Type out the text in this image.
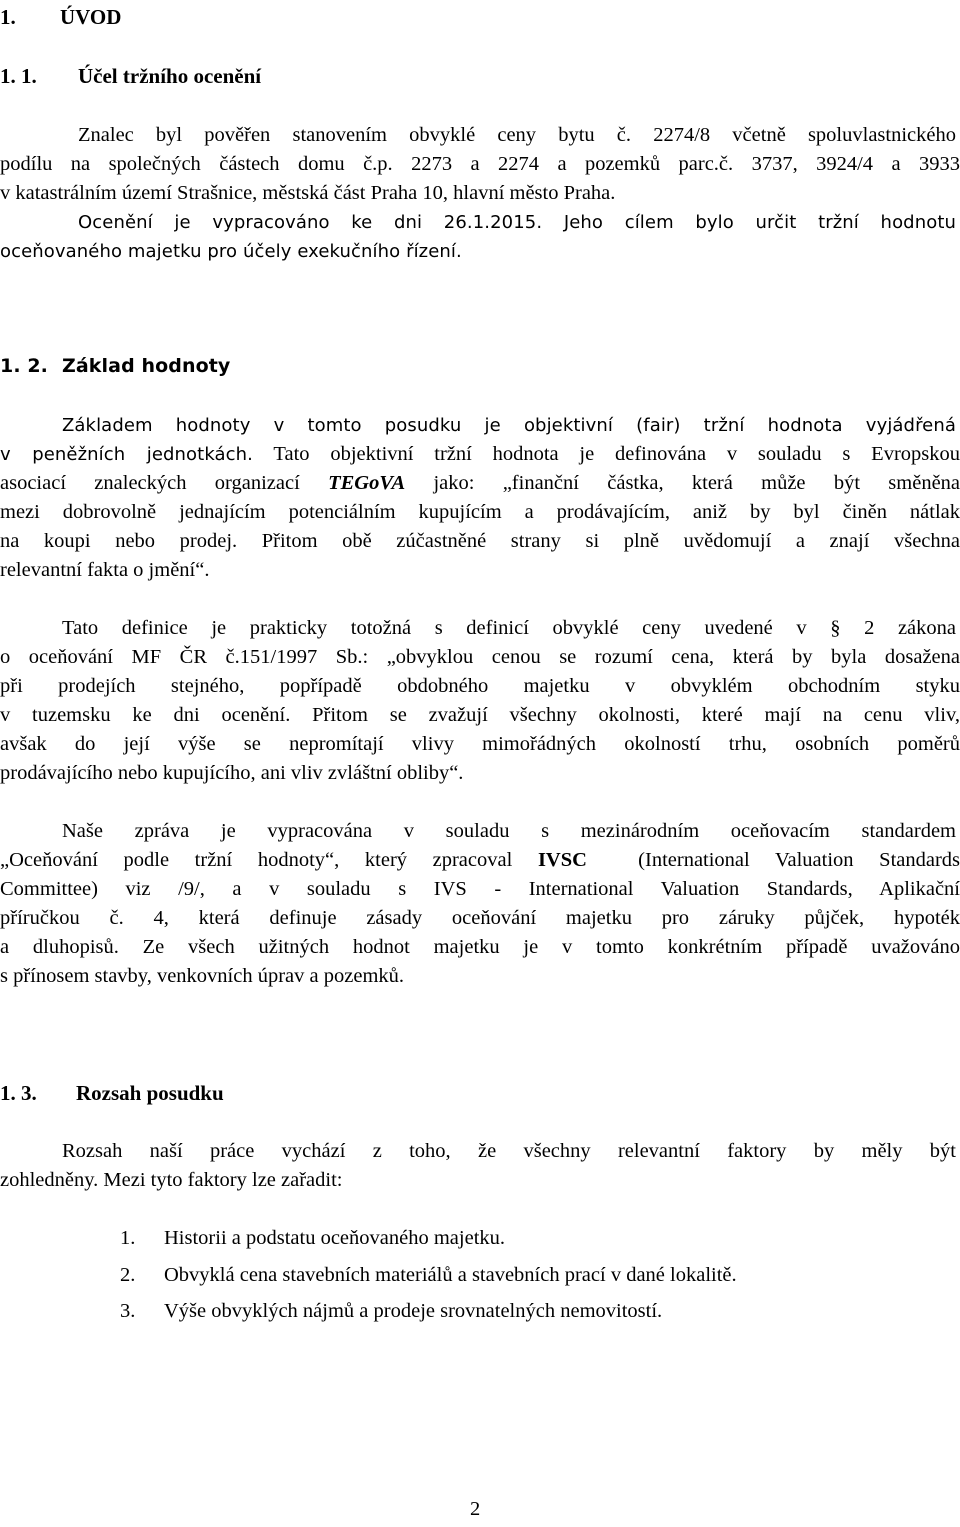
1. ÚVOD
1. 1. Účel tržního ocenění
Znalec byl pověřen stanovením obvyklé ceny bytu č. 2274/8 včetně spoluvlastnického
podílu na společných částech domu č.p. 2273 a 2274 a pozemků parc.č. 3737, 3924/4 a 3933
v katastrálním území Strašnice, městská část Praha 10, hlavní město Praha.
Ocenění je vypracováno ke dni 26.1.2015. Jeho cílem bylo určit tržní hodnotu
oceňovaného majetku pro účely exekučního řízení.
1. 2. Základ hodnoty
Základem hodnoty v tomto posudku je objektivní (fair) tržní hodnota vyjádřená
v peněžních jednotkách. Tato objektivní tržní hodnota je definována v souladu s Evropskou
asociací znaleckých organizací TEGoVA jako: „finanční částka, která může být směněna
mezi dobrovolně jednajícím potenciálním kupujícím a prodávajícím, aniž by byl činěn nátlak
na koupi nebo prodej. Přitom obě zúčastněné strany si plně uvědomují a znají všechna
relevantní fakta o jmění“.
Tato definice je prakticky totožná s definicí obvyklé ceny uvedené v § 2 zákona
o oceňování MF ČR č.151/1997 Sb.: „obvyklou cenou se rozumí cena, která by byla dosažena
při prodejích stejného, popřípadě obdobného majetku v obvyklém obchodním styku
v tuzemsku ke dni ocenění. Přitom se zvažují všechny okolnosti, které mají na cenu vliv,
avšak do její výše se nepromítají vlivy mimořádných okolností trhu, osobních poměrů
prodávajícího nebo kupujícího, ani vliv zvláštní obliby“.
Naše zpráva je vypracována v souladu s mezinárodním oceňovacím standardem
„Oceňování podle tržní hodnoty“, který zpracoval IVSC (International Valuation Standards
Committee) viz /9/, a v souladu s IVS - International Valuation Standards, Aplikační
příručkou č. 4, která definuje zásady oceňování majetku pro záruky půjček, hypoték
a dluhopisů. Ze všech užitných hodnot majetku je v tomto konkrétním případě uvažováno
s přínosem stavby, venkovních úprav a pozemků.
1. 3. Rozsah posudku
Rozsah naší práce vychází z toho, že všechny relevantní faktory by měly být
zohledněny. Mezi tyto faktory lze zařadit:
1. Historii a podstatu oceňovaného majetku.
2. Obvyklá cena stavebních materiálů a stavebních prací v dané lokalitě.
3. Výše obvyklých nájmů a prodeje srovnatelných nemovitostí.
2
